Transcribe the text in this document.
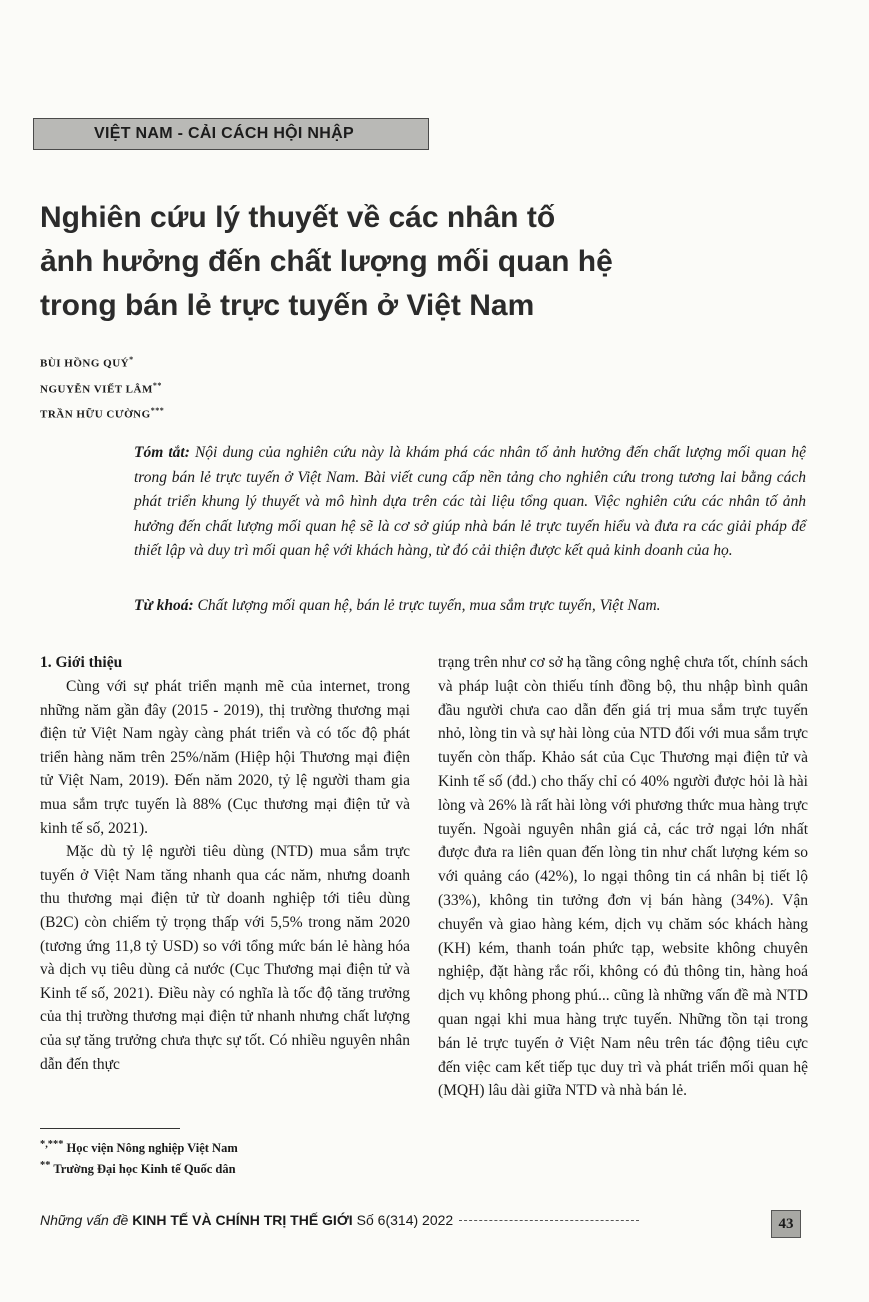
VIỆT NAM - CẢI CÁCH HỘI NHẬP
Nghiên cứu lý thuyết về các nhân tố
ảnh hưởng đến chất lượng mối quan hệ
trong bán lẻ trực tuyến ở Việt Nam
BÙI HỒNG QUÝ*
NGUYỄN VIẾT LÂM**
TRẦN HỮU CƯỜNG***

Tóm tắt: Nội dung của nghiên cứu này là khám phá các nhân tố ảnh hưởng đến chất lượng mối quan hệ trong bán lẻ trực tuyến ở Việt Nam. Bài viết cung cấp nền tảng cho nghiên cứu trong tương lai bằng cách phát triển khung lý thuyết và mô hình dựa trên các tài liệu tổng quan. Việc nghiên cứu các nhân tố ảnh hưởng đến chất lượng mối quan hệ sẽ là cơ sở giúp nhà bán lẻ trực tuyến hiểu và đưa ra các giải pháp để thiết lập và duy trì mối quan hệ với khách hàng, từ đó cải thiện được kết quả kinh doanh của họ.

Từ khoá: Chất lượng mối quan hệ, bán lẻ trực tuyến, mua sắm trực tuyến, Việt Nam.

1. Giới thiệu

Cùng với sự phát triển mạnh mẽ của internet, trong những năm gần đây (2015 - 2019), thị trường thương mại điện tử Việt Nam ngày càng phát triển và có tốc độ phát triển hàng năm trên 25%/năm (Hiệp hội Thương mại điện tử Việt Nam, 2019). Đến năm 2020, tỷ lệ người tham gia mua sắm trực tuyến là 88% (Cục thương mại điện tử và kinh tế số, 2021).

Mặc dù tỷ lệ người tiêu dùng (NTD) mua sắm trực tuyến ở Việt Nam tăng nhanh qua các năm, nhưng doanh thu thương mại điện tử từ doanh nghiệp tới tiêu dùng (B2C) còn chiếm tỷ trọng thấp với 5,5% trong năm 2020 (tương ứng 11,8 tỷ USD) so với tổng mức bán lẻ hàng hóa và dịch vụ tiêu dùng cả nước (Cục Thương mại điện tử và Kinh tế số, 2021). Điều này có nghĩa là tốc độ tăng trưởng của thị trường thương mại điện tử nhanh nhưng chất lượng của sự tăng trưởng chưa thực sự tốt. Có nhiều nguyên nhân dẫn đến thực

trạng trên như cơ sở hạ tầng công nghệ chưa tốt, chính sách và pháp luật còn thiếu tính đồng bộ, thu nhập bình quân đầu người chưa cao dẫn đến giá trị mua sắm trực tuyến nhỏ, lòng tin và sự hài lòng của NTD đối với mua sắm trực tuyến còn thấp. Khảo sát của Cục Thương mại điện tử và Kinh tế số (đd.) cho thấy chỉ có 40% người được hỏi là hài lòng và 26% là rất hài lòng với phương thức mua hàng trực tuyến. Ngoài nguyên nhân giá cả, các trở ngại lớn nhất được đưa ra liên quan đến lòng tin như chất lượng kém so với quảng cáo (42%), lo ngại thông tin cá nhân bị tiết lộ (33%), không tin tưởng đơn vị bán hàng (34%). Vận chuyển và giao hàng kém, dịch vụ chăm sóc khách hàng (KH) kém, thanh toán phức tạp, website không chuyên nghiệp, đặt hàng rắc rối, không có đủ thông tin, hàng hoá dịch vụ không phong phú... cũng là những vấn đề mà NTD quan ngại khi mua hàng trực tuyến. Những tồn tại trong bán lẻ trực tuyến ở Việt Nam nêu trên tác động tiêu cực đến việc cam kết tiếp tục duy trì và phát triển mối quan hệ (MQH) lâu dài giữa NTD và nhà bán lẻ.

*,*** Học viện Nông nghiệp Việt Nam
** Trường Đại học Kinh tế Quốc dân
Những vấn đề KINH TẾ VÀ CHÍNH TRỊ THẾ GIỚI Số 6(314) 2022	43
